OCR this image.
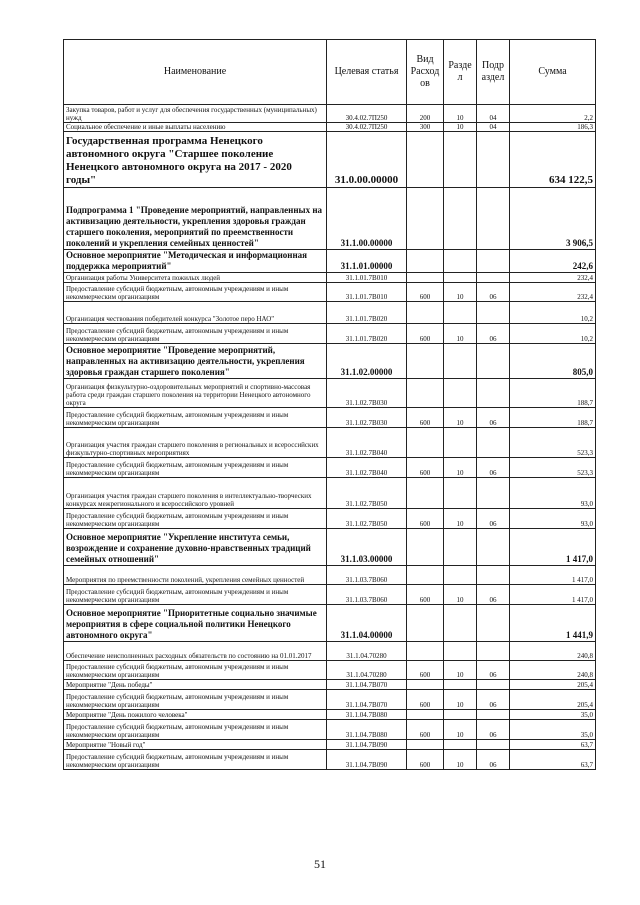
Наименование	Целевая статья	Вид Расход ов	Разде л	Подр аздел	Сумма
Закупка товаров, работ и услуг для обеспечения государственных (муниципальных) нужд	30.4.02.7П250	200	10	04	2,2
Социальное обеспечение и иные выплаты населению	30.4.02.7П250	300	10	04	186,3
Государственная программа Ненецкого автономного округа "Старшее поколение Ненецкого автономного округа на 2017 - 2020 годы"	31.0.00.00000				634 122,5
Подпрограмма 1 "Проведение мероприятий, направленных на активизацию деятельности, укрепления здоровья граждан старшего поколения, мероприятий по преемственности поколений и укрепления семейных ценностей"	31.1.00.00000				3 906,5
Основное мероприятие "Методическая и информационная поддержка мероприятий"	31.1.01.00000				242,6
Организация работы Университета пожилых людей	31.1.01.7В010				232,4
Предоставление субсидий бюджетным, автономным учреждениям и иным некоммерческим организациям	31.1.01.7В010	600	10	06	232,4
Организация чествования победителей конкурса "Золотое перо НАО"	31.1.01.7В020				10,2
Предоставление субсидий бюджетным, автономным учреждениям и иным некоммерческим организациям	31.1.01.7В020	600	10	06	10,2
Основное мероприятие "Проведение мероприятий, направленных на активизацию деятельности, укрепления здоровья граждан старшего поколения"	31.1.02.00000				805,0
Организация физкультурно-оздоровительных мероприятий и спортивно-массовая работа среди граждан старшего поколения на территории Ненецкого автономного округа	31.1.02.7В030				188,7
Предоставление субсидий бюджетным, автономным учреждениям и иным некоммерческим организациям	31.1.02.7В030	600	10	06	188,7
Организация участия граждан старшего поколения в региональных и всероссийских физкультурно-спортивных мероприятиях	31.1.02.7В040				523,3
Предоставление субсидий бюджетным, автономным учреждениям и иным некоммерческим организациям	31.1.02.7В040	600	10	06	523,3
Организация участия граждан старшего поколения в интеллектуально-творческих конкурсах межрегионального и всероссийского уровней	31.1.02.7В050				93,0
Предоставление субсидий бюджетным, автономным учреждениям и иным некоммерческим организациям	31.1.02.7В050	600	10	06	93,0
Основное мероприятие "Укрепление института семьи, возрождение и сохранение духовно-нравственных традиций семейных отношений"	31.1.03.00000				1 417,0
Мероприятия по преемственности поколений, укрепления семейных ценностей	31.1.03.7В060				1 417,0
Предоставление субсидий бюджетным, автономным учреждениям и иным некоммерческим организациям	31.1.03.7В060	600	10	06	1 417,0
Основное мероприятие "Приоритетные социально значимые мероприятия в сфере социальной политики Ненецкого автономного округа"	31.1.04.00000				1 441,9
Обеспечение неисполненных расходных обязательств по состоянию на 01.01.2017	31.1.04.70280				240,8
Предоставление субсидий бюджетным, автономным учреждениям и иным некоммерческим организациям	31.1.04.70280	600	10	06	240,8
Мероприятие "День победы"	31.1.04.7В070				205,4
Предоставление субсидий бюджетным, автономным учреждениям и иным некоммерческим организациям	31.1.04.7В070	600	10	06	205,4
Мероприятие "День пожилого человека"	31.1.04.7В080				35,0
Предоставление субсидий бюджетным, автономным учреждениям и иным некоммерческим организациям	31.1.04.7В080	600	10	06	35,0
Мероприятие "Новый год"	31.1.04.7В090				63,7
Предоставление субсидий бюджетным, автономным учреждениям и иным некоммерческим организациям	31.1.04.7В090	600	10	06	63,7
51
